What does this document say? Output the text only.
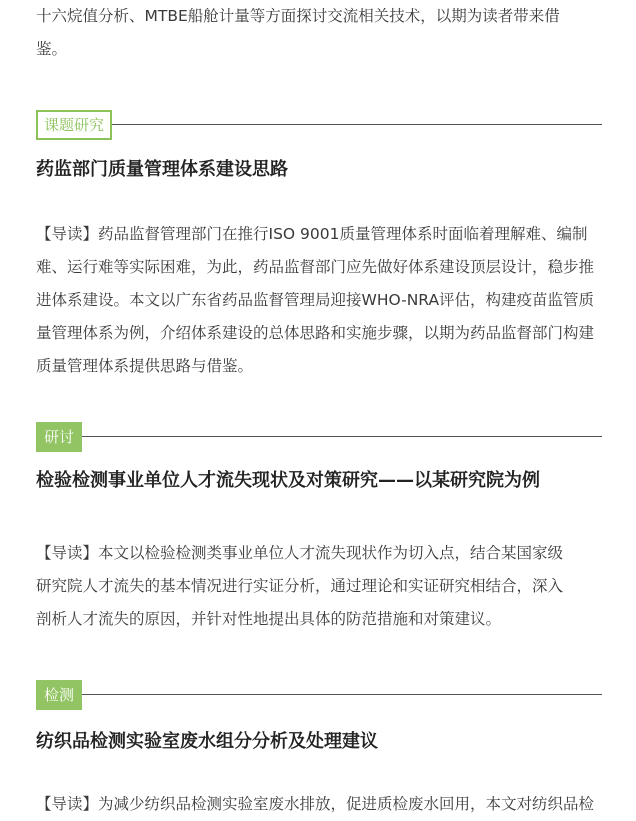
十六烷值分析、MTBE船舱计量等方面探讨交流相关技术，以期为读者带来借
鉴。
课题研究
药监部门质量管理体系建设思路
【导读】药品监督管理部门在推行ISO 9001质量管理体系时面临着理解难、编制
难、运行难等实际困难，为此，药品监督部门应先做好体系建设顶层设计，稳步推
进体系建设。本文以广东省药品监督管理局迎接WHO-NRA评估，构建疫苗监管质
量管理体系为例，介绍体系建设的总体思路和实施步骤，以期为药品监督部门构建
质量管理体系提供思路与借鉴。
研讨
检验检测事业单位人才流失现状及对策研究——以某研究院为例
【导读】本文以检验检测类事业单位人才流失现状作为切入点，结合某国家级
研究院人才流失的基本情况进行实证分析，通过理论和实证研究相结合，深入
剖析人才流失的原因，并针对性地提出具体的防范措施和对策建议。
检测
纺织品检测实验室废水组分分析及处理建议
【导读】为减少纺织品检测实验室废水排放，促进质检废水回用，本文对纺织品检
